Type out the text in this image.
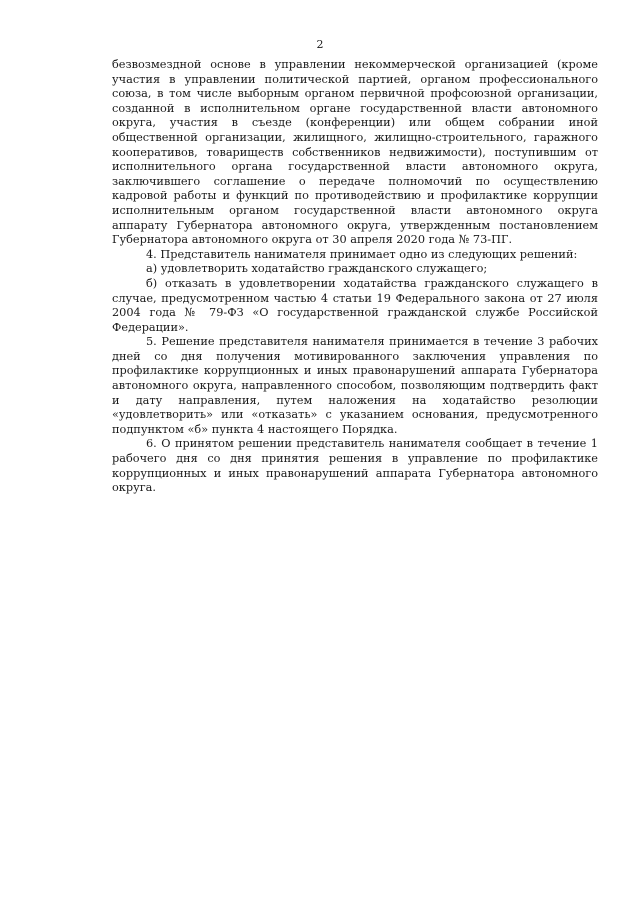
2

безвозмездной основе в управлении некоммерческой организацией (кроме участия в управлении политической партией, органом профессионального союза, в том числе выборным органом первичной профсоюзной организации, созданной в исполнительном органе государственной власти автономного округа, участия в съезде (конференции) или общем собрании иной общественной организации, жилищного, жилищно-строительного, гаражного кооперативов, товариществ собственников недвижимости), поступившим от исполнительного органа государственной власти автономного округа, заключившего соглашение о передаче полномочий по осуществлению кадровой работы и функций по противодействию и профилактике коррупции исполнительным органом государственной власти автономного округа аппарату Губернатора автономного округа, утвержденным постановлением Губернатора автономного округа от 30 апреля 2020 года № 73-ПГ.

4. Представитель нанимателя принимает одно из следующих решений:

а) удовлетворить ходатайство гражданского служащего;

б) отказать в удовлетворении ходатайства гражданского служащего в случае, предусмотренном частью 4 статьи 19 Федерального закона от 27 июля 2004 года № 79-ФЗ «О государственной гражданской службе Российской Федерации».

5. Решение представителя нанимателя принимается в течение 3 рабочих дней со дня получения мотивированного заключения управления по профилактике коррупционных и иных правонарушений аппарата Губернатора автономного округа, направленного способом, позволяющим подтвердить факт и дату направления, путем наложения на ходатайство резолюции «удовлетворить» или «отказать» с указанием основания, предусмотренного подпунктом «б» пункта 4 настоящего Порядка.

6. О принятом решении представитель нанимателя сообщает в течение 1 рабочего дня со дня принятия решения в управление по профилактике коррупционных и иных правонарушений аппарата Губернатора автономного округа.
